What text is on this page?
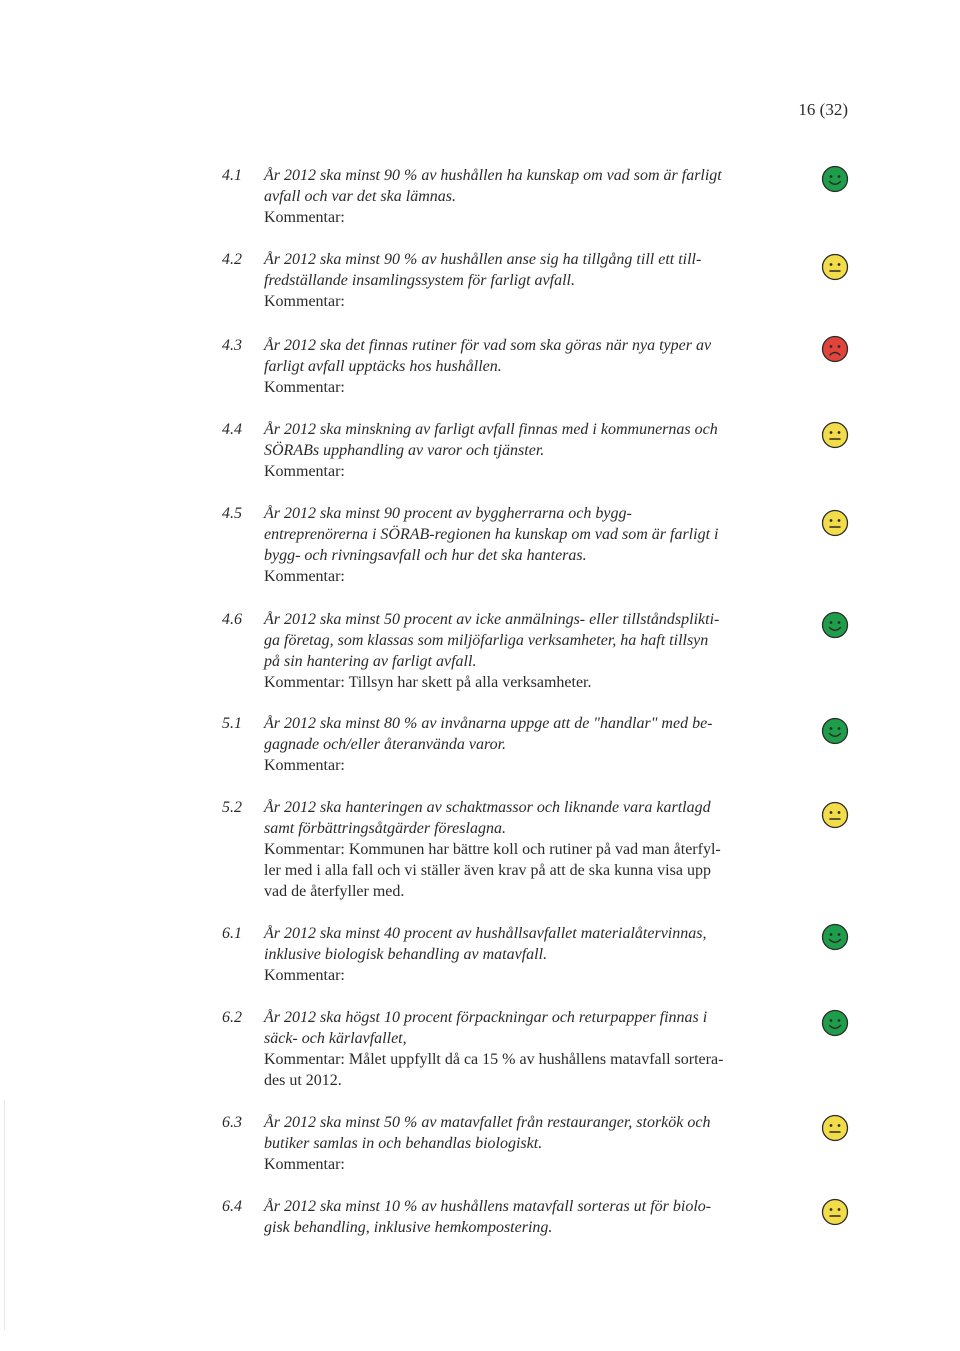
16 (32)
4.1 År 2012 ska minst 90 % av hushållen ha kunskap om vad som är farligt
avfall och var det ska lämnas.
Kommentar:
4.2 År 2012 ska minst 90 % av hushållen anse sig ha tillgång till ett till-
fredställande insamlingssystem för farligt avfall.
Kommentar:
4.3 År 2012 ska det finnas rutiner för vad som ska göras när nya typer av
farligt avfall upptäcks hos hushållen.
Kommentar:
4.4 År 2012 ska minskning av farligt avfall finnas med i kommunernas och
SÖRABs upphandling av varor och tjänster.
Kommentar:
4.5 År 2012 ska minst 90 procent av byggherrarna och bygg-
entreprenörerna i SÖRAB-regionen ha kunskap om vad som är farligt i
bygg- och rivningsavfall och hur det ska hanteras.
Kommentar:
4.6 År 2012 ska minst 50 procent av icke anmälnings- eller tillståndsplikti-
ga företag, som klassas som miljöfarliga verksamheter, ha haft tillsyn
på sin hantering av farligt avfall.
Kommentar: Tillsyn har skett på alla verksamheter.
5.1 År 2012 ska minst 80 % av invånarna uppge att de "handlar" med be-
gagnade och/eller återanvända varor.
Kommentar:
5.2 År 2012 ska hanteringen av schaktmassor och liknande vara kartlagd
samt förbättringsåtgärder föreslagna.
Kommentar: Kommunen har bättre koll och rutiner på vad man återfyl-
ler med i alla fall och vi ställer även krav på att de ska kunna visa upp
vad de återfyller med.
6.1 År 2012 ska minst 40 procent av hushållsavfallet materialåtervinnas,
inklusive biologisk behandling av matavfall.
Kommentar:
6.2 År 2012 ska högst 10 procent förpackningar och returpapper finnas i
säck- och kärlavfallet,
Kommentar: Målet uppfyllt då ca 15 % av hushållens matavfall sortera-
des ut 2012.
6.3 År 2012 ska minst 50 % av matavfallet från restauranger, storkök och
butiker samlas in och behandlas biologiskt.
Kommentar:
6.4 År 2012 ska minst 10 % av hushållens matavfall sorteras ut för biolo-
gisk behandling, inklusive hemkompostering.
